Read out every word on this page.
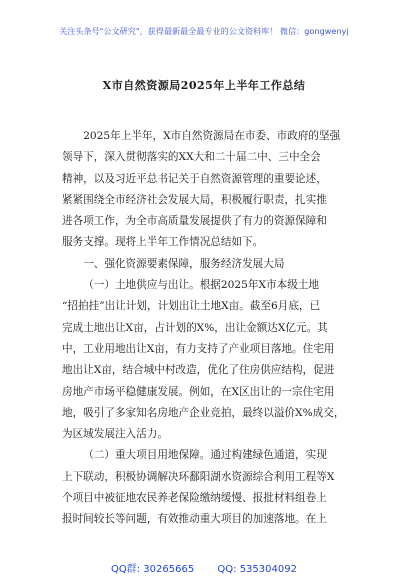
关注头条号"公文研究"，获得最新最全最专业的公文资料库！ 微信：gongwenyj
X市自然资源局2025年上半年工作总结
2025年上半年，X市自然资源局在市委、市政府的坚强
领导下，深入贯彻落实的XX大和二十届二中、三中全会
精神，以及习近平总书记关于自然资源管理的重要论述，
紧紧围绕全市经济社会发展大局，积极履行职责，扎实推
进各项工作，为全市高质量发展提供了有力的资源保障和
服务支撑。现将上半年工作情况总结如下。
一、强化资源要素保障，服务经济发展大局
（一）土地供应与出让。根据2025年X市本级土地
“招拍挂”出让计划，计划出让土地X亩。截至6月底，已
完成土地出让X亩，占计划的X%，出让金额达X亿元。其
中，工业用地出让X亩，有力支持了产业项目落地。住宅用
地出让X亩，结合城中村改造，优化了住房供应结构，促进
房地产市场平稳健康发展。例如，在X区出让的一宗住宅用
地，吸引了多家知名房地产企业竞拍，最终以溢价X%成交，
为区域发展注入活力。
（二）重大项目用地保障。通过构建绿色通道，实现
上下联动，积极协调解决环鄱阳湖水资源综合利用工程等X
个项目中被征地农民养老保险缴纳缓慢、报批材料组卷上
报时间较长等问题，有效推动重大项目的加速落地。在上
QQ群: 30265665 QQ: 535304092
